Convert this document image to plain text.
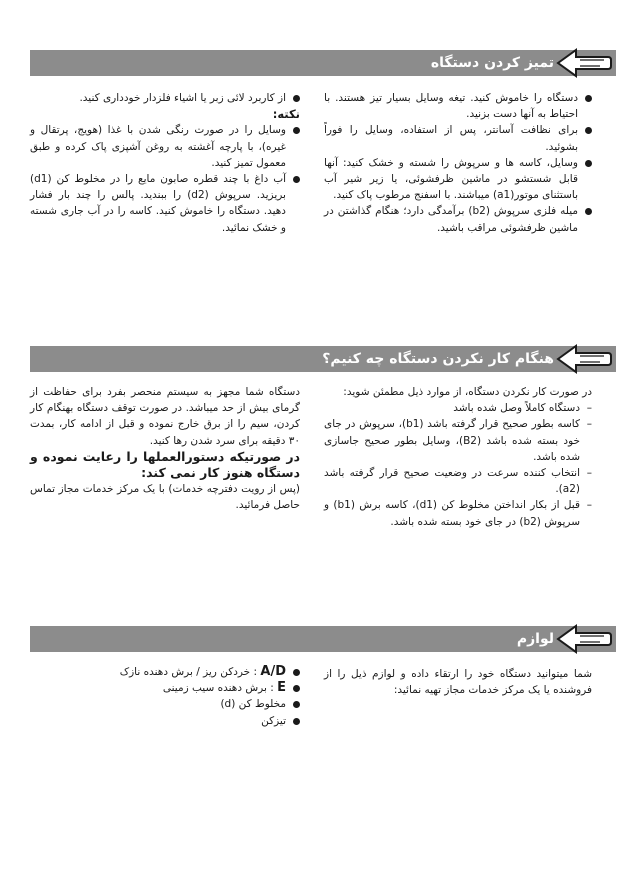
تمیز کردن دستگاه
دستگاه را خاموش کنید. تیغه وسایل بسیار تیز هستند. با احتیاط به آنها دست بزنید.
برای نظافت آسانتر، پس از استفاده، وسایل را فوراً بشوئید.
وسایل، کاسه ها و سرپوش را شسته و خشک کنید: آنها قابل شستشو در ماشین ظرفشوئی، یا زیر شیر آب باستثنای موتور(a1) میباشند. با اسفنج مرطوب پاک کنید.
میله فلزی سرپوش (b2) برآمدگی دارد؛ هنگام گذاشتن در ماشین ظرفشوئی مراقب باشید.
از کاربرد لائی زبر یا اشیاء فلزدار خودداری کنید.

نکته:

وسایل را در صورت رنگی شدن با غذا (هویج، پرتقال و غیره)، با پارچه آغشته به روغن آشپزی پاک کرده و طبق معمول تمیز کنید.
آب داغ با چند قطره صابون مایع را در مخلوط کن (d1) بریزید. سرپوش (d2) را ببندید. پالس را چند بار فشار دهید. دستگاه را خاموش کنید. کاسه را در آب جاری شسته و خشک نمائید.
هنگام کار نکردن دستگاه چه کنیم؟

در صورت کار نکردن دستگاه، از موارد ذیل مطمئن شوید:

–
دستگاه کاملاً وصل شده باشد
–
کاسه بطور صحیح قرار گرفته باشد (b1)، سرپوش در جای خود بسته شده باشد (B2)، وسایل بطور صحیح جاسازی شده باشد.
–
انتخاب کننده سرعت در وضعیت صحیح قرار گرفته باشد (a2).
–
قبل از بکار انداختن مخلوط کن (d1)، کاسه برش (b1) و سرپوش (b2) در جای خود بسته شده باشد.

دستگاه شما مجهز به سیستم منحصر بفرد برای حفاظت از گرمای بیش از حد میباشد. در صورت توقف دستگاه بهنگام کار کردن، سیم را از برق خارج نموده و قبل از ادامه کار، بمدت ۳۰ دقیقه برای سرد شدن رها کنید.

در صورتیکه دستورالعملها را رعایت نموده و دستگاه هنوز کار نمی کند:

(پس از رویت دفترچه خدمات) با یک مرکز خدمات مجاز تماس حاصل فرمائید.

لوازم

شما میتوانید دستگاه خود را ارتقاء داده و لوازم ذیل را از فروشنده یا یک مرکز خدمات مجاز تهیه نمائید:

A/D : خردکن ریز / برش دهنده نازک
E : برش دهنده سیب زمینی
مخلوط کن (d)
تیزکن
